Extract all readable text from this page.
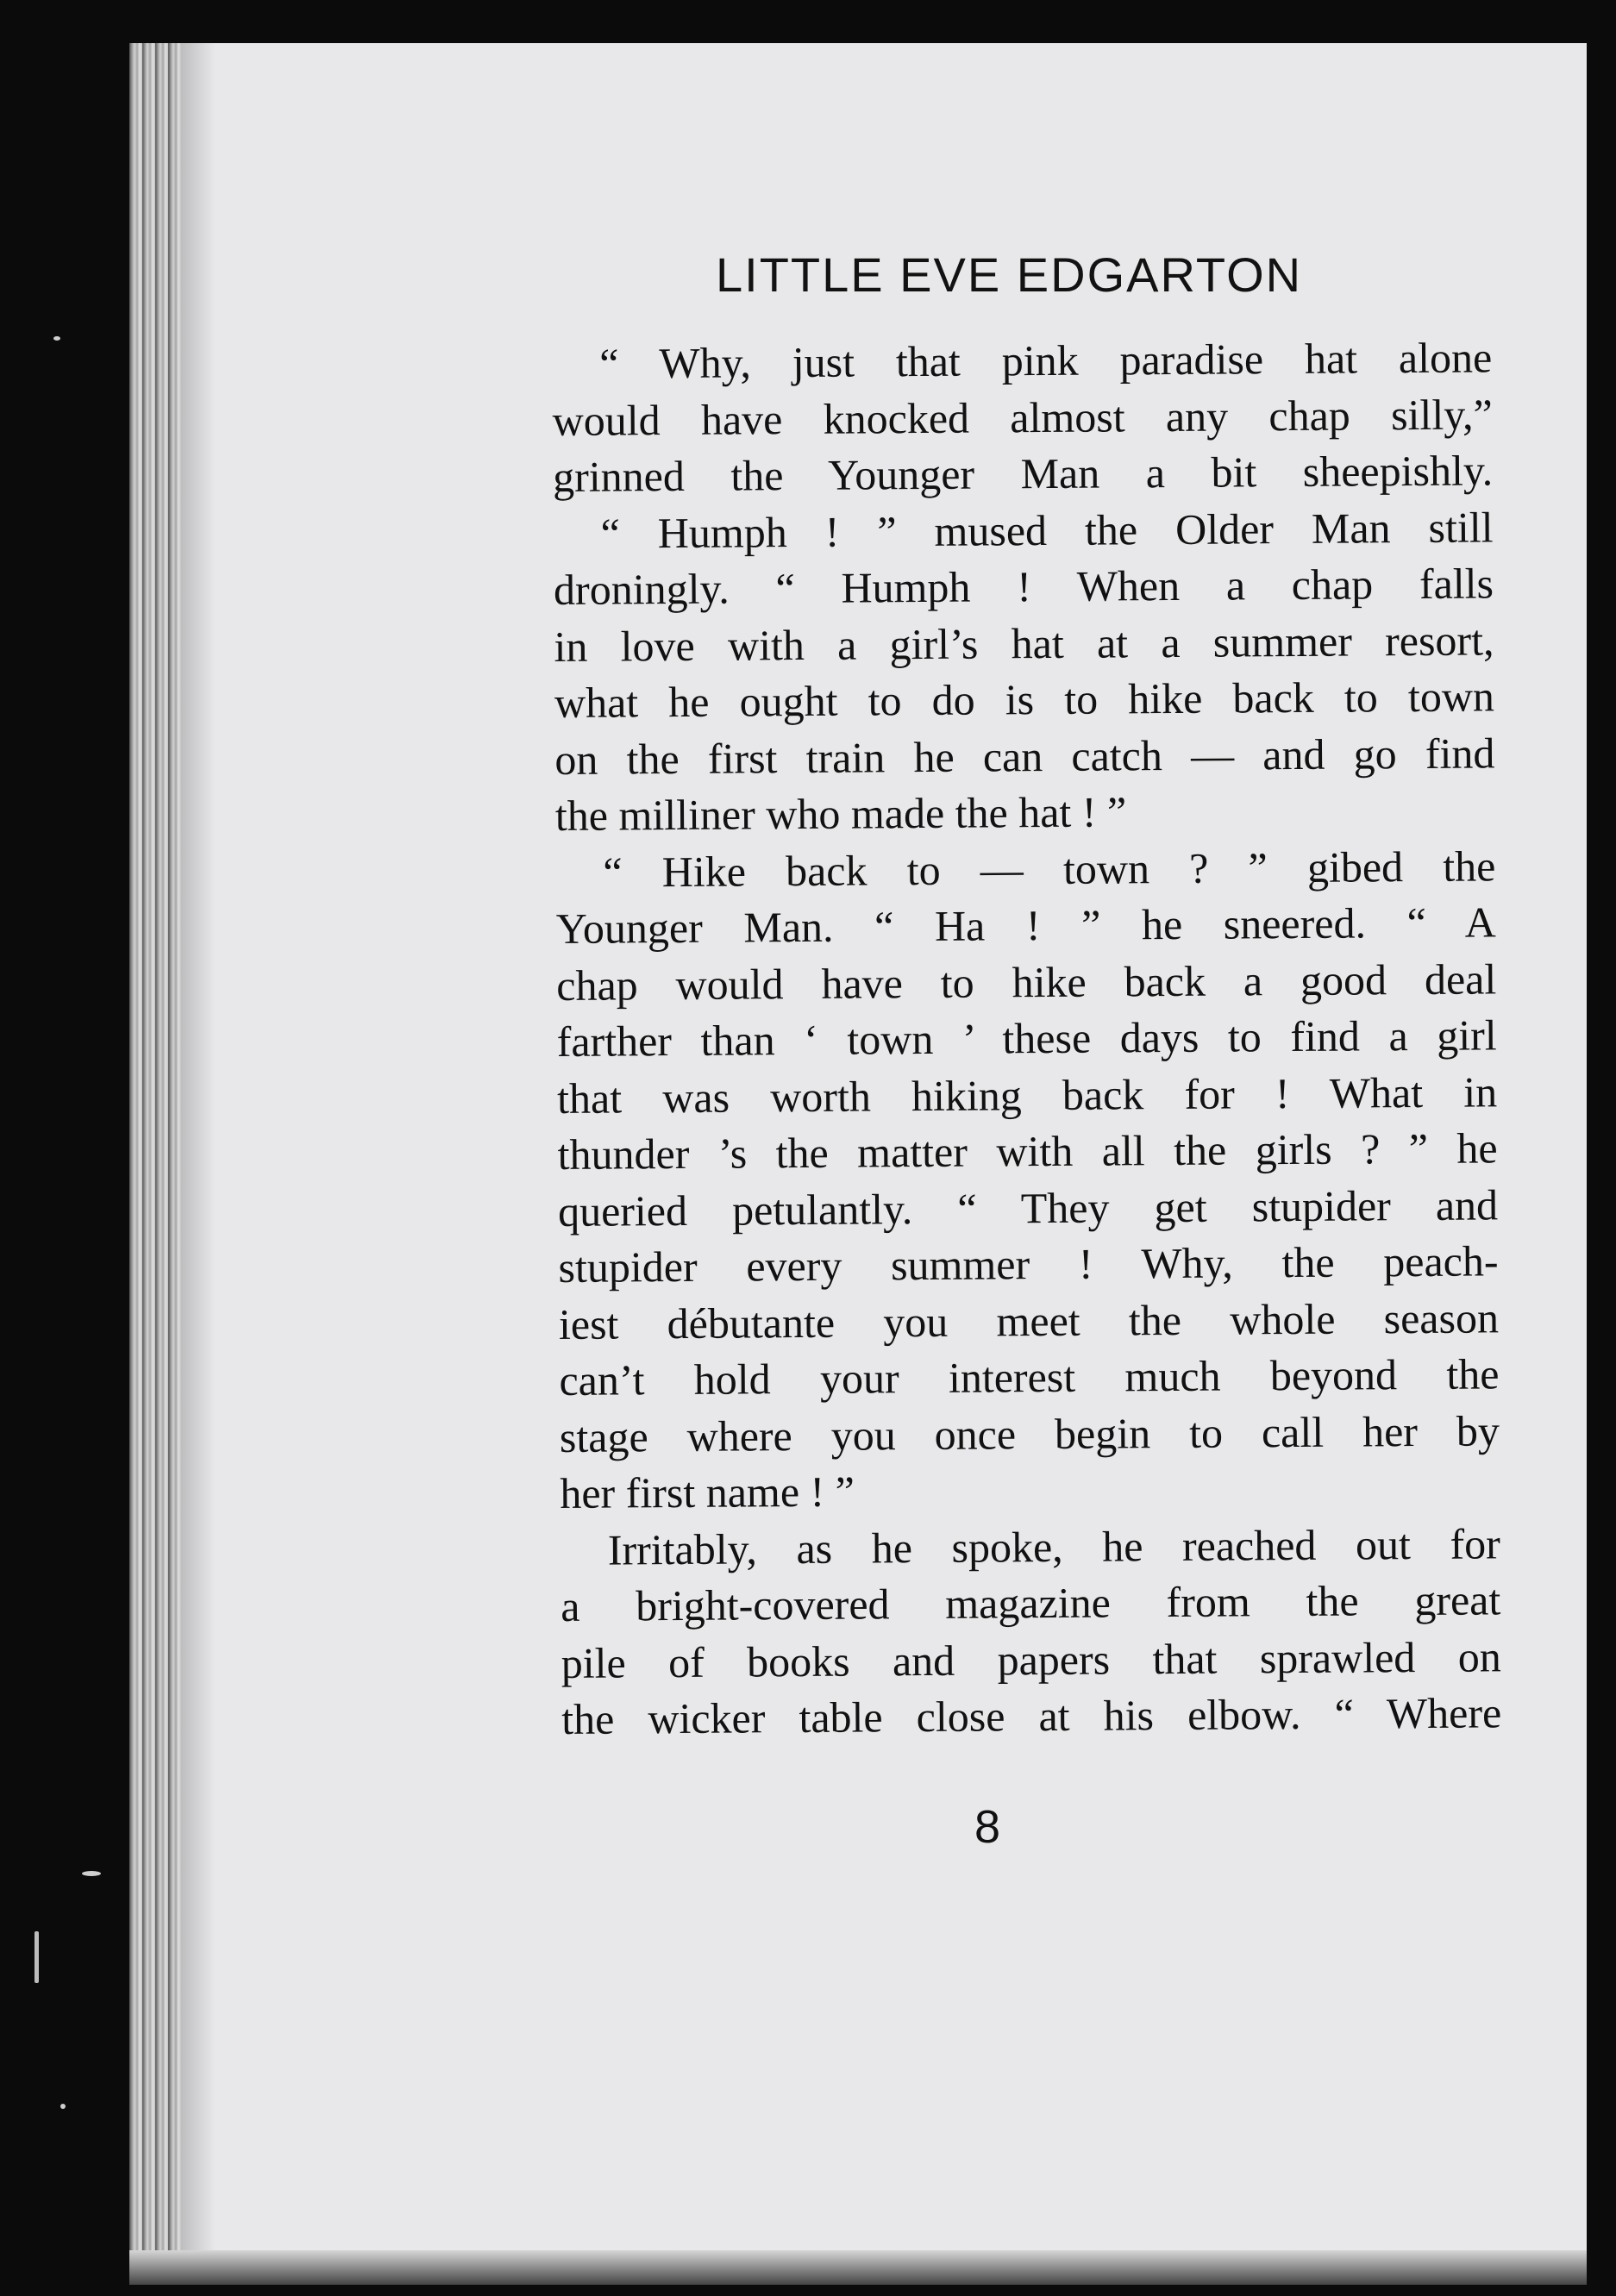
LITTLE EVE EDGARTON
“ Why, just that pink paradise hat alone
would have knocked almost any chap silly,”
grinned the Younger Man a bit sheepishly.
“ Humph ! ” mused the Older Man still
droningly. “ Humph ! When a chap falls
in love with a girl’s hat at a summer resort,
what he ought to do is to hike back to town
on the first train he can catch — and go find
the milliner who made the hat ! ”
“ Hike back to — town ? ” gibed the
Younger Man. “ Ha ! ” he sneered. “ A
chap would have to hike back a good deal
farther than ‘ town ’ these days to find a girl
that was worth hiking back for ! What in
thunder ’s the matter with all the girls ? ” he
queried petulantly. “ They get stupider and
stupider every summer ! Why, the peach-
iest débutante you meet the whole season
can’t hold your interest much beyond the
stage where you once begin to call her by
her first name ! ”
Irritably, as he spoke, he reached out for
a bright-covered magazine from the great
pile of books and papers that sprawled on
the wicker table close at his elbow. “ Where
8
